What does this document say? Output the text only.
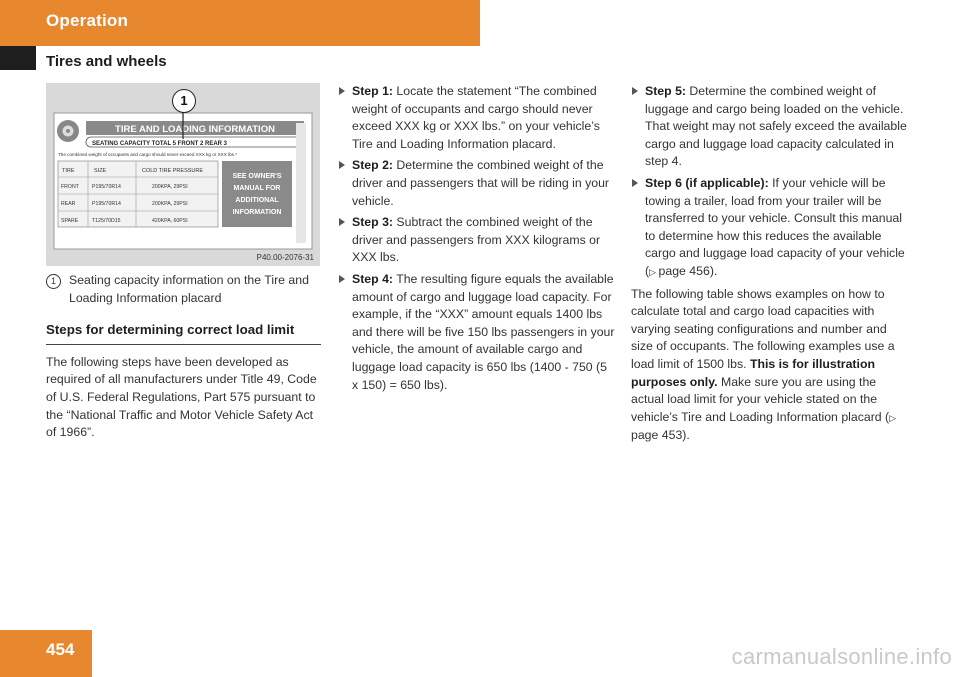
Operation
Tires and wheels
TIRE AND LOADING INFORMATION
SEATING CAPACITY TOTAL 5 FRONT 2 REAR 3
The combined weight of occupants and cargo should never exceed XXX kg or XXX lbs.*
TIRE	SIZE	COLD TIRE PRESSURE
FRONT	P195/70R14	200KPA, 29PSI
REAR	P195/70R14	200KPA, 29PSI
SPARE	T125/70D15	420KPA, 60PSI
SEE OWNER'S
MANUAL FOR
ADDITIONAL
INFORMATION
1
P40.00-2076-31
1	Seating capacity information on the Tire and Loading Information placard
Steps for determining correct load limit

The following steps have been developed as required of all manufacturers under Title 49, Code of U.S. Federal Regulations, Part 575 pursuant to the “National Traffic and Motor Vehicle Safety Act of 1966”.

Step 1: Locate the statement “The combined weight of occupants and cargo should never exceed XXX kg or XXX lbs.” on your vehicle’s Tire and Loading Information placard.
Step 2: Determine the combined weight of the driver and passengers that will be riding in your vehicle.
Step 3: Subtract the combined weight of the driver and passengers from XXX kilograms or XXX lbs.
Step 4: The resulting figure equals the available amount of cargo and luggage load capacity. For example, if the “XXX” amount equals 1400 lbs and there will be five 150 lbs passengers in your vehicle, the amount of available cargo and luggage load capacity is 650 lbs (1400 - 750 (5 x 150) = 650 lbs).
Step 5: Determine the combined weight of luggage and cargo being loaded on the vehicle. That weight may not safely exceed the available cargo and luggage load capacity calculated in step 4.
Step 6 (if applicable): If your vehicle will be towing a trailer, load from your trailer will be transferred to your vehicle. Consult this manual to determine how this reduces the available cargo and luggage load capacity of your vehicle (▷ page 456).

The following table shows examples on how to calculate total and cargo load capacities with varying seating configurations and number and size of occupants. The following examples use a load limit of 1500 lbs. This is for illustration purposes only. Make sure you are using the actual load limit for your vehicle stated on the vehicle’s Tire and Loading Information placard (▷ page 453).

454	carmanualsonline.info
